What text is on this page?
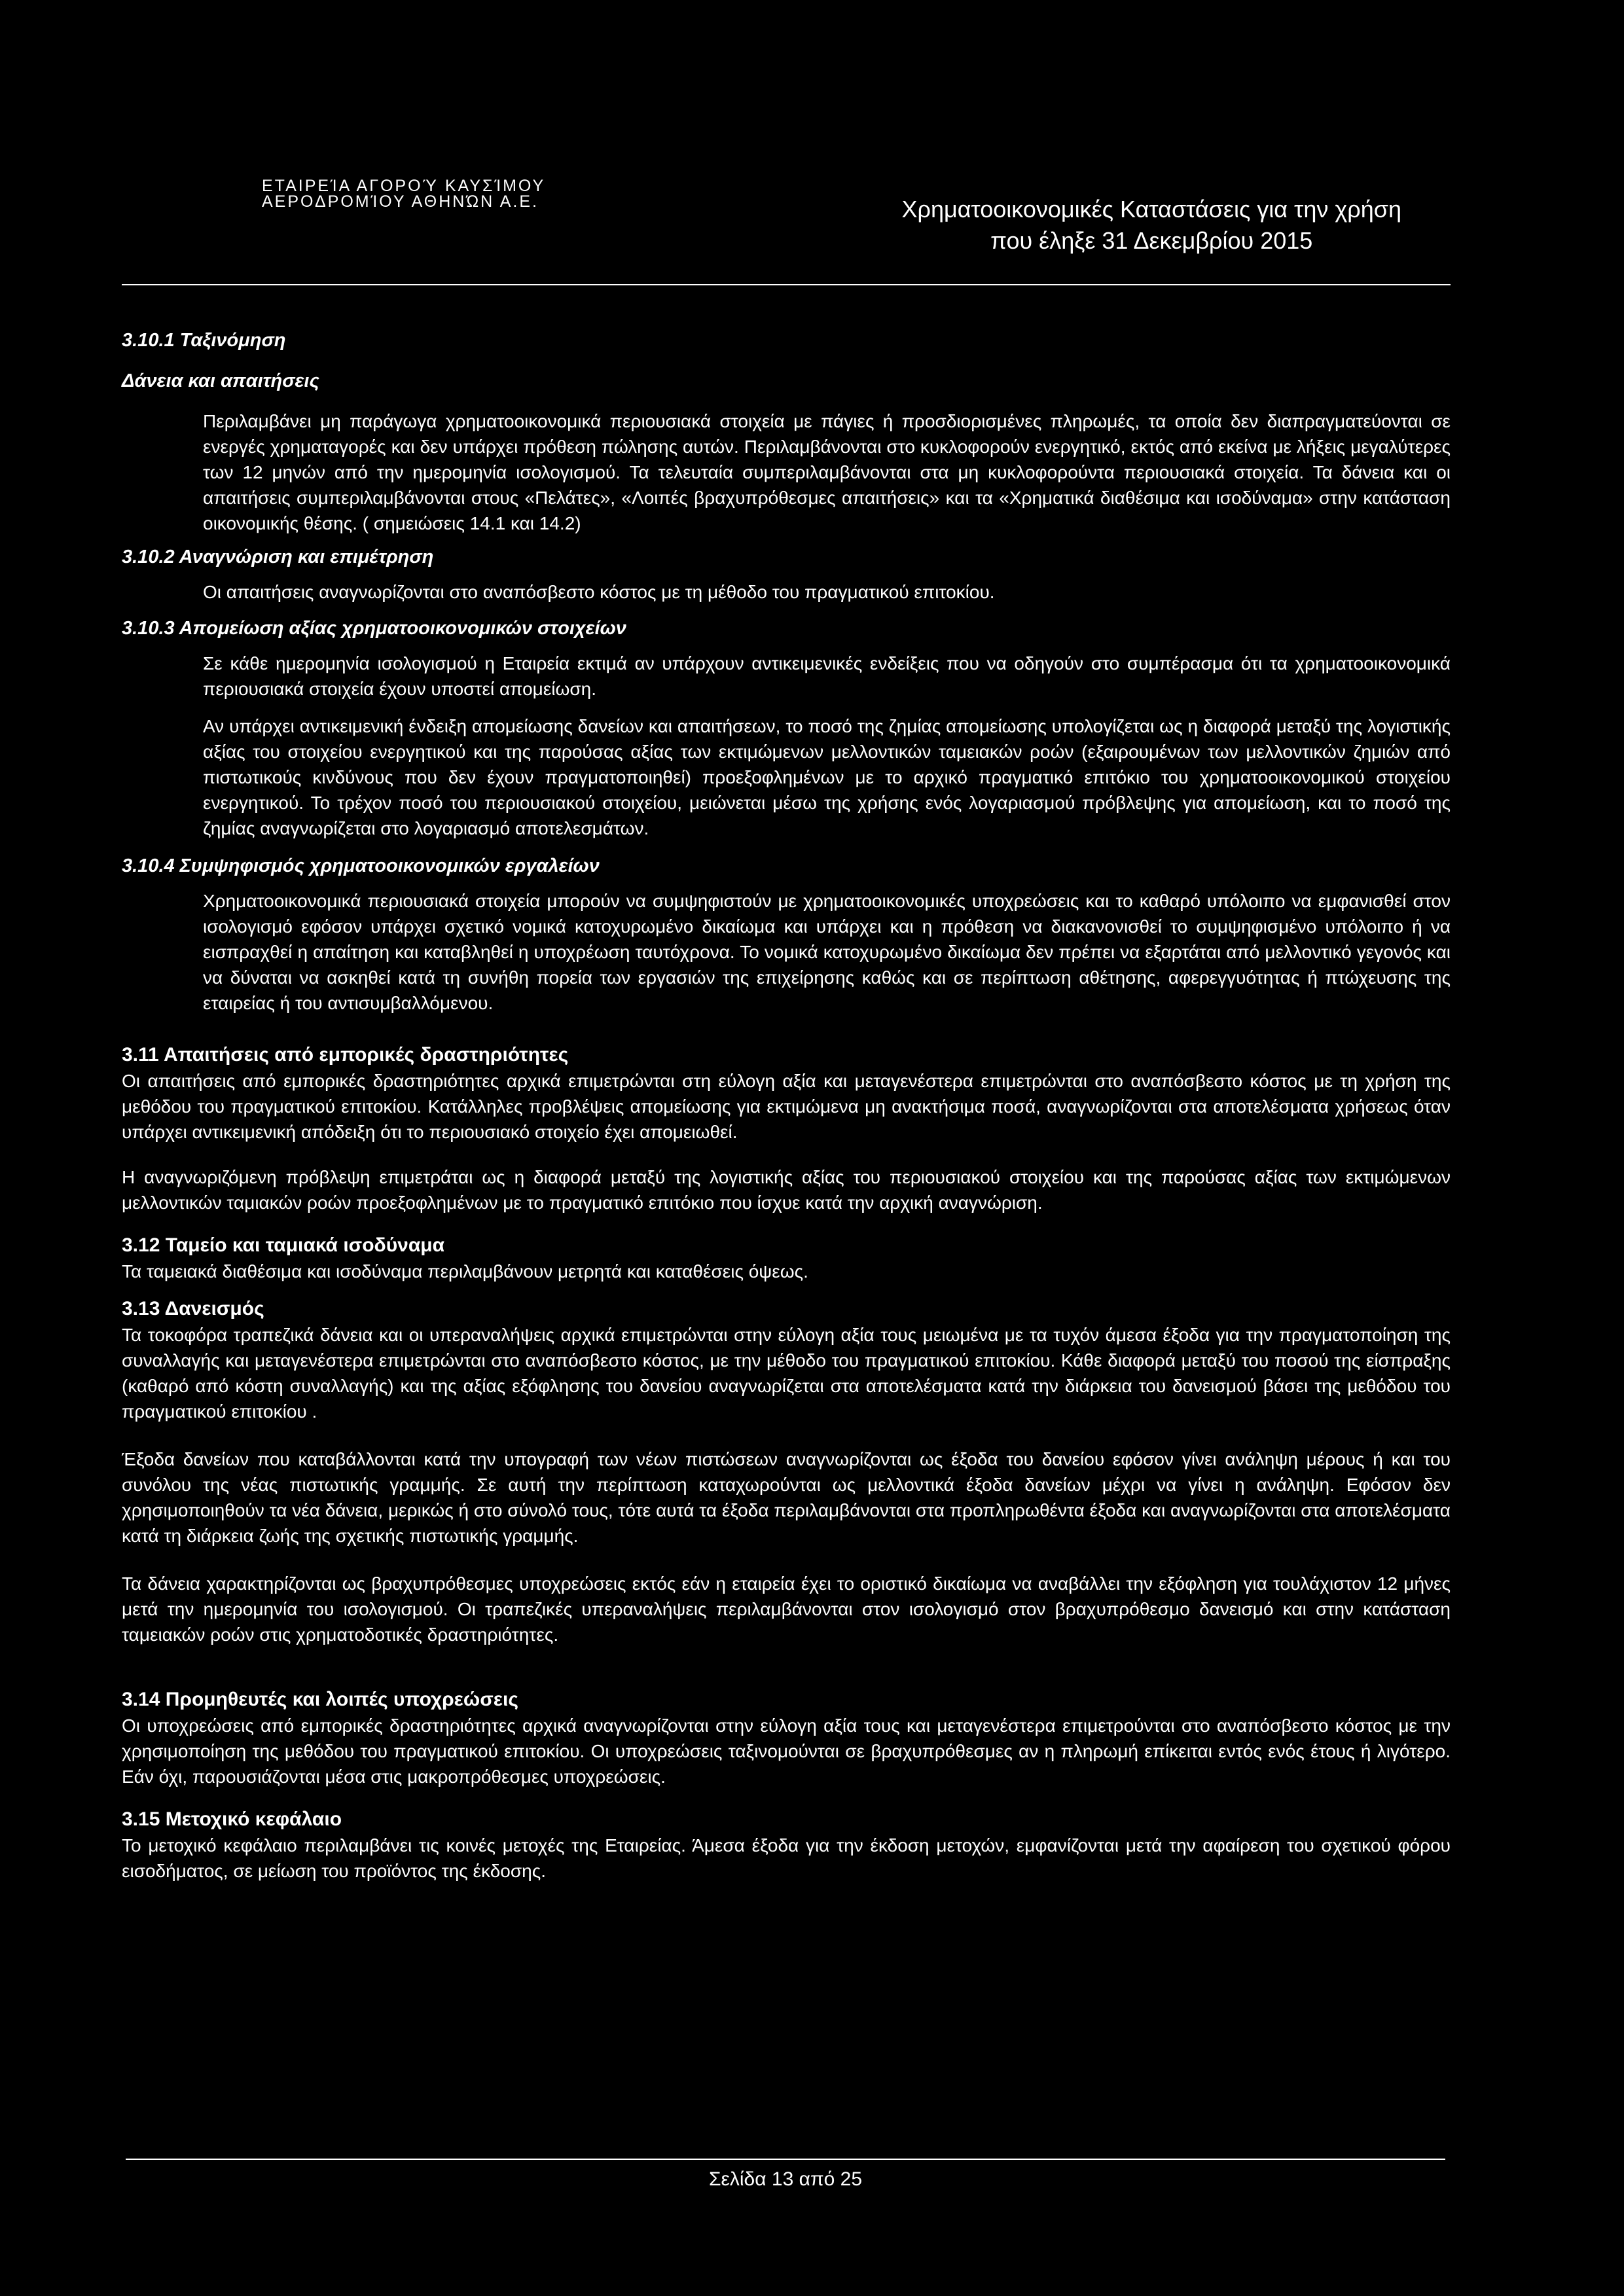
ΕΤΑΙΡΕΊΑ ΑΓΟΡΟΎ ΚΑΥΣΊΜΟΥ
ΑΕΡΟΔΡΟΜΊΟΥ ΑΘΗΝΏΝ Α.Ε.	Χρηματοοικονομικές Καταστάσεις για την χρήση
που έληξε 31 Δεκεμβρίου 2015

3.10.1 Ταξινόμηση

Δάνεια και απαιτήσεις

Περιλαμβάνει μη παράγωγα χρηματοοικονομικά περιουσιακά στοιχεία με πάγιες ή προσδιορισμένες πληρωμές, τα οποία δεν διαπραγματεύονται σε ενεργές χρηματαγορές και δεν υπάρχει πρόθεση πώλησης αυτών. Περιλαμβάνονται στο κυκλοφορούν ενεργητικό, εκτός από εκείνα με λήξεις μεγαλύτερες των 12 μηνών από την ημερομηνία ισολογισμού. Τα τελευταία συμπεριλαμβάνονται στα μη κυκλοφορούντα περιουσιακά στοιχεία. Τα δάνεια και οι απαιτήσεις συμπεριλαμβάνονται στους «Πελάτες», «Λοιπές βραχυπρόθεσμες απαιτήσεις» και τα «Χρηματικά διαθέσιμα και ισοδύναμα» στην κατάσταση οικονομικής θέσης. ( σημειώσεις 14.1 και 14.2)

3.10.2 Αναγνώριση και επιμέτρηση

Οι απαιτήσεις αναγνωρίζονται στο αναπόσβεστο κόστος με τη μέθοδο του πραγματικού επιτοκίου.

3.10.3 Απομείωση αξίας χρηματοοικονομικών στοιχείων

Σε κάθε ημερομηνία ισολογισμού η Εταιρεία εκτιμά αν υπάρχουν αντικειμενικές ενδείξεις που να οδηγούν στο συμπέρασμα ότι τα χρηματοοικονομικά περιουσιακά στοιχεία έχουν υποστεί απομείωση.

Αν υπάρχει αντικειμενική ένδειξη απομείωσης δανείων και απαιτήσεων, το ποσό της ζημίας απομείωσης υπολογίζεται ως η διαφορά μεταξύ της λογιστικής αξίας του στοιχείου ενεργητικού και της παρούσας αξίας των εκτιμώμενων μελλοντικών ταμειακών ροών (εξαιρουμένων των μελλοντικών ζημιών από πιστωτικούς κινδύνους που δεν έχουν πραγματοποιηθεί) προεξοφλημένων με το αρχικό πραγματικό επιτόκιο του χρηματοοικονομικού στοιχείου ενεργητικού. Το τρέχον ποσό του περιουσιακού στοιχείου, μειώνεται μέσω της χρήσης ενός λογαριασμού πρόβλεψης για απομείωση, και το ποσό της ζημίας αναγνωρίζεται στο λογαριασμό αποτελεσμάτων.

3.10.4 Συμψηφισμός χρηματοοικονομικών εργαλείων

Χρηματοοικονομικά περιουσιακά στοιχεία μπορούν να συμψηφιστούν με χρηματοοικονομικές υποχρεώσεις και το καθαρό υπόλοιπο να εμφανισθεί στον ισολογισμό εφόσον υπάρχει σχετικό νομικά κατοχυρωμένο δικαίωμα και υπάρχει και η πρόθεση να διακανονισθεί το συμψηφισμένο υπόλοιπο ή να εισπραχθεί η απαίτηση και καταβληθεί η υποχρέωση ταυτόχρονα. Το νομικά κατοχυρωμένο δικαίωμα δεν πρέπει να εξαρτάται από μελλοντικό γεγονός και να δύναται να ασκηθεί κατά τη συνήθη πορεία των εργασιών της επιχείρησης καθώς και σε περίπτωση αθέτησης, αφερεγγυότητας ή πτώχευσης της εταιρείας ή του αντισυμβαλλόμενου.

3.11 Απαιτήσεις από εμπορικές δραστηριότητες

Οι απαιτήσεις από εμπορικές δραστηριότητες αρχικά επιμετρώνται στη εύλογη αξία και μεταγενέστερα επιμετρώνται στο αναπόσβεστο κόστος με τη χρήση της μεθόδου του πραγματικού επιτοκίου. Κατάλληλες προβλέψεις απομείωσης για εκτιμώμενα μη ανακτήσιμα ποσά, αναγνωρίζονται στα αποτελέσματα χρήσεως όταν υπάρχει αντικειμενική απόδειξη ότι το περιουσιακό στοιχείο έχει απομειωθεί.

Η αναγνωριζόμενη πρόβλεψη επιμετράται ως η διαφορά μεταξύ της λογιστικής αξίας του περιουσιακού στοιχείου και της παρούσας αξίας των εκτιμώμενων μελλοντικών ταμιακών ροών προεξοφλημένων με το πραγματικό επιτόκιο που ίσχυε κατά την αρχική αναγνώριση.

3.12 Ταμείο και ταμιακά ισοδύναμα

Τα ταμειακά διαθέσιμα και ισοδύναμα περιλαμβάνουν μετρητά και καταθέσεις όψεως.

3.13 Δανεισμός

Τα τοκοφόρα τραπεζικά δάνεια και οι υπεραναλήψεις αρχικά επιμετρώνται στην εύλογη αξία τους μειωμένα με τα τυχόν άμεσα έξοδα για την πραγματοποίηση της συναλλαγής και μεταγενέστερα επιμετρώνται στο αναπόσβεστο κόστος, με την μέθοδο του πραγματικού επιτοκίου. Κάθε διαφορά μεταξύ του ποσού της είσπραξης (καθαρό από κόστη συναλλαγής) και της αξίας εξόφλησης του δανείου αναγνωρίζεται στα αποτελέσματα κατά την διάρκεια του δανεισμού βάσει της μεθόδου του πραγματικού επιτοκίου .

Έξοδα δανείων που καταβάλλονται κατά την υπογραφή των νέων πιστώσεων αναγνωρίζονται ως έξοδα του δανείου εφόσον γίνει ανάληψη μέρους ή και του συνόλου της νέας πιστωτικής γραμμής. Σε αυτή την περίπτωση καταχωρούνται ως μελλοντικά έξοδα δανείων μέχρι να γίνει η ανάληψη. Εφόσον δεν χρησιμοποιηθούν τα νέα δάνεια, μερικώς ή στο σύνολό τους, τότε αυτά τα έξοδα περιλαμβάνονται στα προπληρωθέντα έξοδα και αναγνωρίζονται στα αποτελέσματα κατά τη διάρκεια ζωής της σχετικής πιστωτικής γραμμής.

Τα δάνεια χαρακτηρίζονται ως βραχυπρόθεσμες υποχρεώσεις εκτός εάν η εταιρεία έχει το οριστικό δικαίωμα να αναβάλλει την εξόφληση για τουλάχιστον 12 μήνες μετά την ημερομηνία του ισολογισμού. Οι τραπεζικές υπεραναλήψεις περιλαμβάνονται στον ισολογισμό στον βραχυπρόθεσμο δανεισμό και στην κατάσταση ταμειακών ροών στις χρηματοδοτικές δραστηριότητες.

3.14 Προμηθευτές και λοιπές υποχρεώσεις

Οι υποχρεώσεις από εμπορικές δραστηριότητες αρχικά αναγνωρίζονται στην εύλογη αξία τους και μεταγενέστερα επιμετρούνται στο αναπόσβεστο κόστος με την χρησιμοποίηση της μεθόδου του πραγματικού επιτοκίου. Οι υποχρεώσεις ταξινομούνται σε βραχυπρόθεσμες αν η πληρωμή επίκειται εντός ενός έτους ή λιγότερο. Εάν όχι, παρουσιάζονται μέσα στις μακροπρόθεσμες υποχρεώσεις.

3.15 Μετοχικό κεφάλαιο

Το μετοχικό κεφάλαιο περιλαμβάνει τις κοινές μετοχές της Εταιρείας. Άμεσα έξοδα για την έκδοση μετοχών, εμφανίζονται μετά την αφαίρεση του σχετικού φόρου εισοδήματος, σε μείωση του προϊόντος της έκδοσης.

Σελίδα 13 από 25
